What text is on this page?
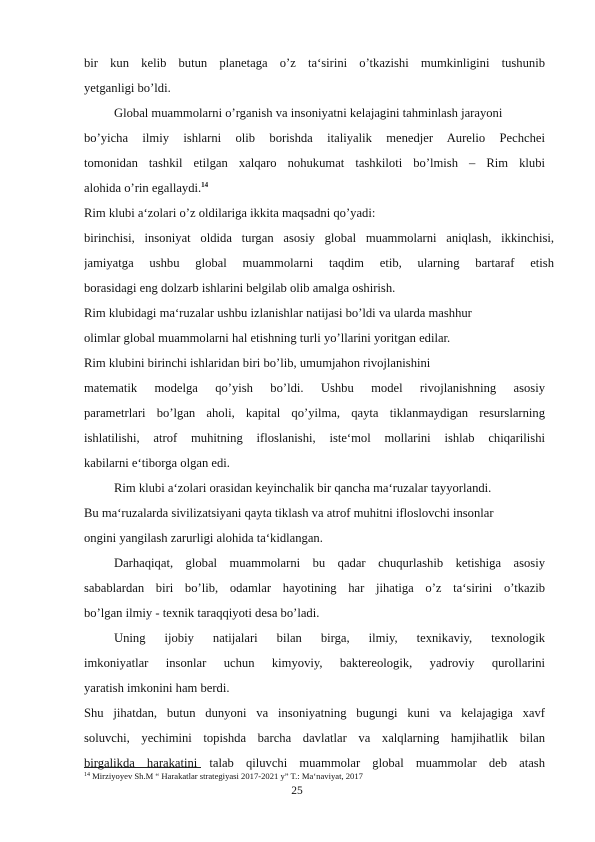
bir kun kelib butun planetaga o’z ta‘sirini o’tkazishi mumkinligini tushunib
yetganligi bo’ldi.
Global muammolarni o’rganish va insoniyatni kelajagini tahminlash jarayoni
bo’yicha ilmiy ishlarni olib borishda italiyalik menedjer Aurelio Pechchei
tomonidan tashkil etilgan xalqaro nohukumat tashkiloti bo’lmish – Rim klubi
alohida o’rin egallaydi.$^{14}$
Rim klubi a‘zolari o’z oldilariga ikkita maqsadni qo’yadi:
birinchisi, insoniyat oldida turgan asosiy global muammolarni aniqlash, ikkinchisi,
jamiyatga ushbu global muammolarni taqdim etib, ularning bartaraf etish
borasidagi eng dolzarb ishlarini belgilab olib amalga oshirish.
Rim klubidagi ma‘ruzalar ushbu izlanishlar natijasi bo’ldi va ularda mashhur
olimlar global muammolarni hal etishning turli yo’llarini yoritgan edilar.
Rim klubini birinchi ishlaridan biri bo’lib, umumjahon rivojlanishini
matematik modelga qo’yish bo’ldi. Ushbu model rivojlanishning asosiy
parametrlari bo’lgan aholi, kapital qo’yilma, qayta tiklanmaydigan resurslarning
ishlatilishi, atrof muhitning ifloslanishi, iste‘mol mollarini ishlab chiqarilishi
kabilarni e‘tiborga olgan edi.
Rim klubi a‘zolari orasidan keyinchalik bir qancha ma‘ruzalar tayyorlandi.
Bu ma‘ruzalarda sivilizatsiyani qayta tiklash va atrof muhitni ifloslovchi insonlar
ongini yangilash zarurligi alohida ta‘kidlangan.
Darhaqiqat, global muammolarni bu qadar chuqurlashib ketishiga asosiy
sabablardan biri bo’lib, odamlar hayotining har jihatiga o’z ta‘sirini o’tkazib
bo’lgan ilmiy - texnik taraqqiyoti desa bo’ladi.
Uning ijobiy natijalari bilan birga, ilmiy, texnikaviy, texnologik
imkoniyatlar insonlar uchun kimyoviy, bakterеologik, yadroviy qurollarini
yaratish imkonini ham berdi.
Shu jihatdan, butun dunyoni va insoniyatning bugungi kuni va kelajagiga xavf
soluvchi, yechimini topishda barcha davlatlar va xalqlarning hamjihatlik bilan
birgalikda harakatini talab qiluvchi muammolar global muammolar deb atash
$^{14}$ Mirziyoyev Sh.M “ Harakatlar strategiyasi 2017-2021 y” T.: Ma‘naviyat, 2017
25
